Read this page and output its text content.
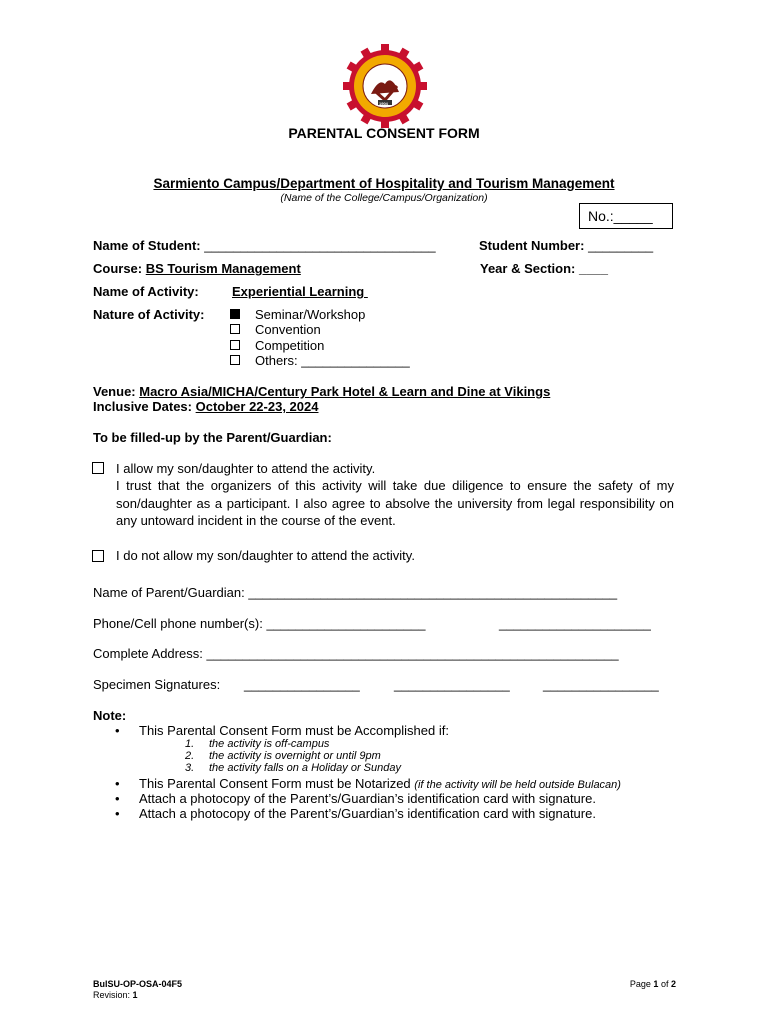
1904
PARENTAL CONSENT FORM
Sarmiento Campus/Department of Hospitality and Tourism Management
(Name of the College/Campus/Organization)
No.:_____
Name of Student: ________________________________	Student Number: _________
Course: BS Tourism Management	Year & Section: ____
Name of Activity:	Experiential Learning
Nature of Activity:	Seminar/Workshop
Convention
Competition
Others: _______________
Venue: Macro Asia/MICHA/Century Park Hotel & Learn and Dine at Vikings
Inclusive Dates: October 22-23, 2024
To be filled-up by the Parent/Guardian:
I allow my son/daughter to attend the activity.
I trust that the organizers of this activity will take due diligence to ensure the safety of my son/daughter as a participant. I also agree to absolve the university from legal responsibility on any untoward incident in the course of the event.
I do not allow my son/daughter to attend the activity.
Name of Parent/Guardian: ___________________________________________________
Phone/Cell phone number(s): ______________________	_____________________
Complete Address: _________________________________________________________
Specimen Signatures: ________________	________________	________________
Note:
• This Parental Consent Form must be Accomplished if:
1. the activity is off-campus
2. the activity is overnight or until 9pm
3. the activity falls on a Holiday or Sunday
• This Parental Consent Form must be Notarized (if the activity will be held outside Bulacan)
• Attach a photocopy of the Parent’s/Guardian’s identification card with signature.
• Attach a photocopy of the Parent’s/Guardian’s identification card with signature.
BulSU-OP-OSA-04F5
Revision: 1
Page 1 of 2
